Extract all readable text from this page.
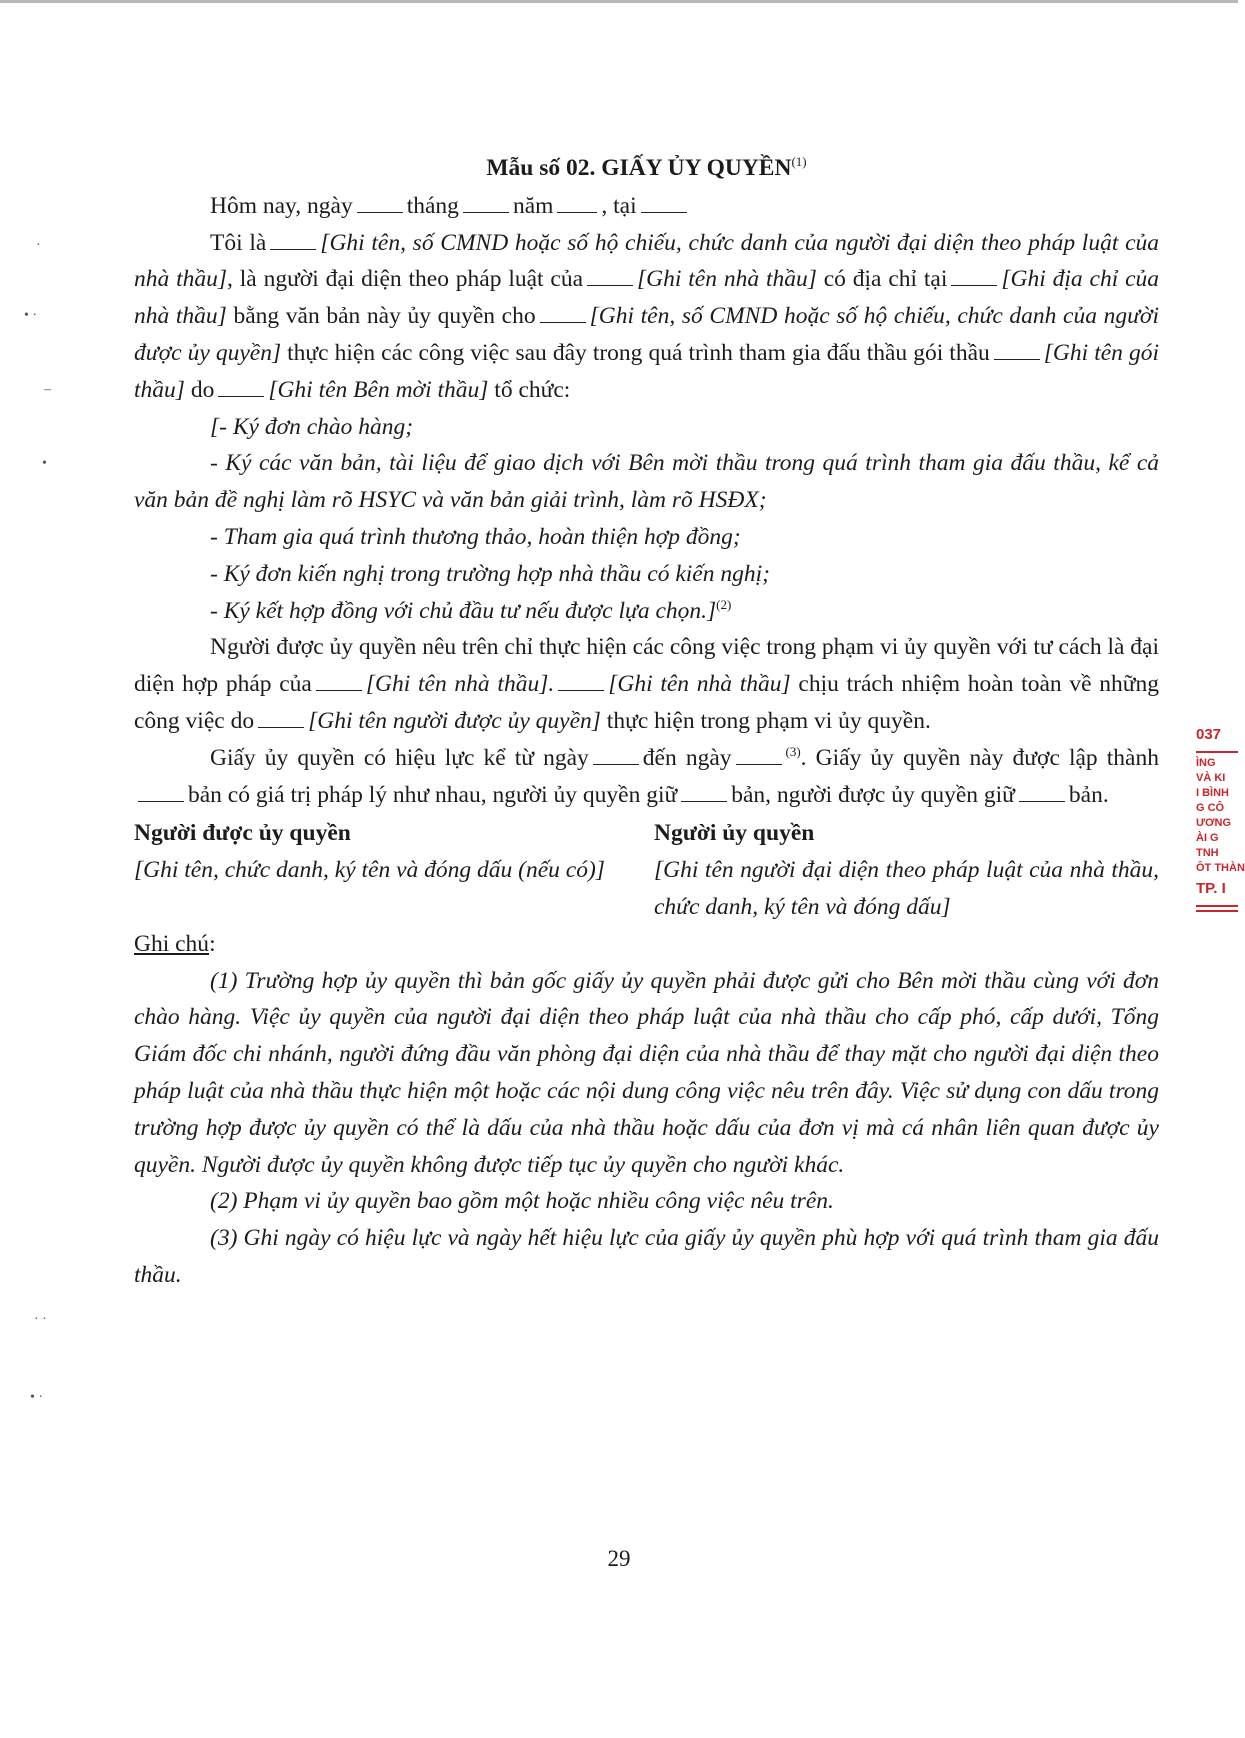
·
• ·
–
•
· ·
• ·
Mẫu số 02. GIẤY ỦY QUYỀN$^{(1)}$

Hôm nay, ngày tháng năm , tại

Tôi là [Ghi tên, số CMND hoặc số hộ chiếu, chức danh của người đại diện theo pháp luật của nhà thầu], là người đại diện theo pháp luật của [Ghi tên nhà thầu] có địa chỉ tại [Ghi địa chỉ của nhà thầu] bằng văn bản này ủy quyền cho [Ghi tên, số CMND hoặc số hộ chiếu, chức danh của người được ủy quyền] thực hiện các công việc sau đây trong quá trình tham gia đấu thầu gói thầu [Ghi tên gói thầu] do [Ghi tên Bên mời thầu] tổ chức:

[- Ký đơn chào hàng;

- Ký các văn bản, tài liệu để giao dịch với Bên mời thầu trong quá trình tham gia đấu thầu, kể cả văn bản đề nghị làm rõ HSYC và văn bản giải trình, làm rõ HSĐX;

- Tham gia quá trình thương thảo, hoàn thiện hợp đồng;

- Ký đơn kiến nghị trong trường hợp nhà thầu có kiến nghị;

- Ký kết hợp đồng với chủ đầu tư nếu được lựa chọn.]$^{(2)}$

Người được ủy quyền nêu trên chỉ thực hiện các công việc trong phạm vi ủy quyền với tư cách là đại diện hợp pháp của [Ghi tên nhà thầu]. [Ghi tên nhà thầu] chịu trách nhiệm hoàn toàn về những công việc do [Ghi tên người được ủy quyền] thực hiện trong phạm vi ủy quyền.

Giấy ủy quyền có hiệu lực kể từ ngày đến ngày	$^{(3)}$. Giấy ủy quyền này được lập thànhbản có giá trị pháp lý như nhau, người ủy quyền giữ bản, người được ủy quyền giữ bản.

Người được ủy quyền

[Ghi tên, chức danh, ký tên và đóng dấu (nếu có)]

Người ủy quyền

[Ghi tên người đại diện theo pháp luật của nhà thầu, chức danh, ký tên và đóng dấu]

Ghi chú:

(1) Trường hợp ủy quyền thì bản gốc giấy ủy quyền phải được gửi cho Bên mời thầu cùng với đơn chào hàng. Việc ủy quyền của người đại diện theo pháp luật của nhà thầu cho cấp phó, cấp dưới, Tổng Giám đốc chi nhánh, người đứng đầu văn phòng đại diện của nhà thầu để thay mặt cho người đại diện theo pháp luật của nhà thầu thực hiện một hoặc các nội dung công việc nêu trên đây. Việc sử dụng con dấu trong trường hợp được ủy quyền có thể là dấu của nhà thầu hoặc dấu của đơn vị mà cá nhân liên quan được ủy quyền. Người được ủy quyền không được tiếp tục ủy quyền cho người khác.

(2) Phạm vi ủy quyền bao gồm một hoặc nhiều công việc nêu trên.

(3) Ghi ngày có hiệu lực và ngày hết hiệu lực của giấy ủy quyền phù hợp với quá trình tham gia đấu thầu.

29
037
ÌNG
VÀ KI
I BÌNH
G CÔ
ƯƠNG
ÀI G
TNH
ÔT THÀN
TP. I
